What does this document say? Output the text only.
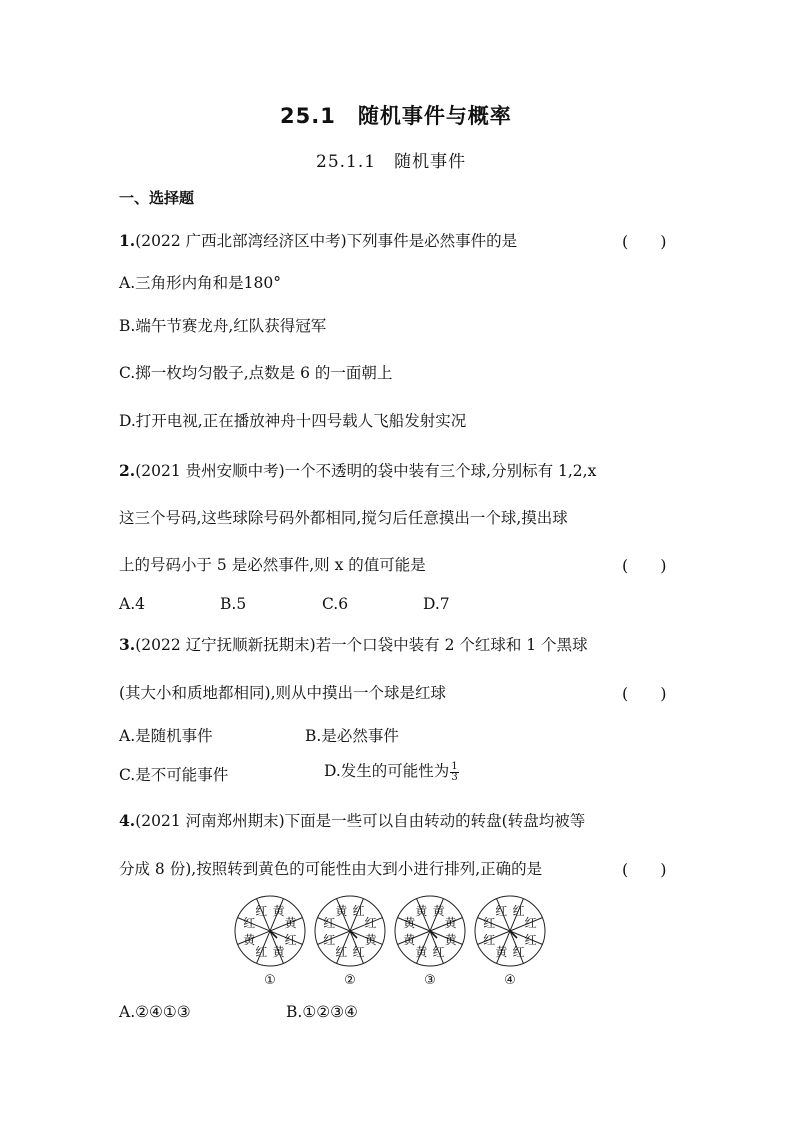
25.1　随机事件与概率
25.1.1　随机事件
一、选择题
1.(2022 广西北部湾经济区中考)下列事件是必然事件的是	(　　)
A.三角形内角和是180°
B.端午节赛龙舟,红队获得冠军
C.掷一枚均匀骰子,点数是 6 的一面朝上
D.打开电视,正在播放神舟十四号载人飞船发射实况
2.(2021 贵州安顺中考)一个不透明的袋中装有三个球,分别标有 1,2,x
这三个号码,这些球除号码外都相同,搅匀后任意摸出一个球,摸出球
上的号码小于 5 是必然事件,则 x 的值可能是	(　　)
A.4	B.5	C.6	D.7
3.(2022 辽宁抚顺新抚期末)若一个口袋中装有 2 个红球和 1 个黑球
(其大小和质地都相同),则从中摸出一个球是红球	(　　)
A.是随机事件	B.是必然事件
C.是不可能事件	D.发生的可能性为 $\frac{1}{3}$
4.(2021 河南郑州期末)下面是一些可以自由转动的转盘(转盘均被等
分成 8 份),按照转到黄色的可能性由大到小进行排列,正确的是	(　　)
红 黄
黄
红
黄
红
黄
红
①
黄 红
红
黄
红
红
红
红
②
黄 黄
黄
黄
红
黄
黄
黄
③
红 红
红
红
红
黄
红
红
④
A.②④①③	B.①②③④
